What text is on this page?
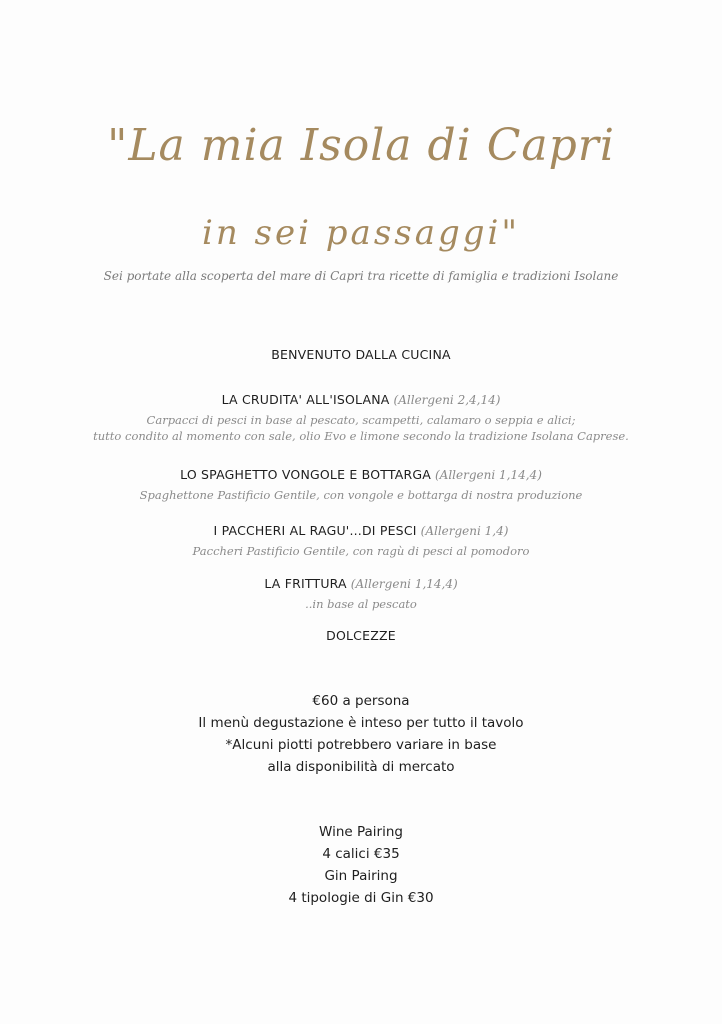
"La mia Isola di Capri
in sei passaggi"
Sei portate alla scoperta del mare di Capri tra ricette di famiglia e tradizioni Isolane
BENVENUTO DALLA CUCINA
LA CRUDITA' ALL'ISOLANA (Allergeni 2,4,14)
Carpacci di pesci in base al pescato, scampetti, calamaro o seppia e alici;
tutto condito al momento con sale, olio Evo e limone secondo la tradizione Isolana Caprese.
LO SPAGHETTO VONGOLE E BOTTARGA (Allergeni 1,14,4)
Spaghettone Pastificio Gentile, con vongole e bottarga di nostra produzione
I PACCHERI AL RAGU'...DI PESCI (Allergeni 1,4)
Paccheri Pastificio Gentile, con ragù di pesci al pomodoro
LA FRITTURA (Allergeni 1,14,4)
..in base al pescato
DOLCEZZE
€60 a persona
Il menù degustazione è inteso per tutto il tavolo
*Alcuni piotti potrebbero variare in base
alla disponibilità di mercato
Wine Pairing
4 calici €35
Gin Pairing
4 tipologie di Gin €30
